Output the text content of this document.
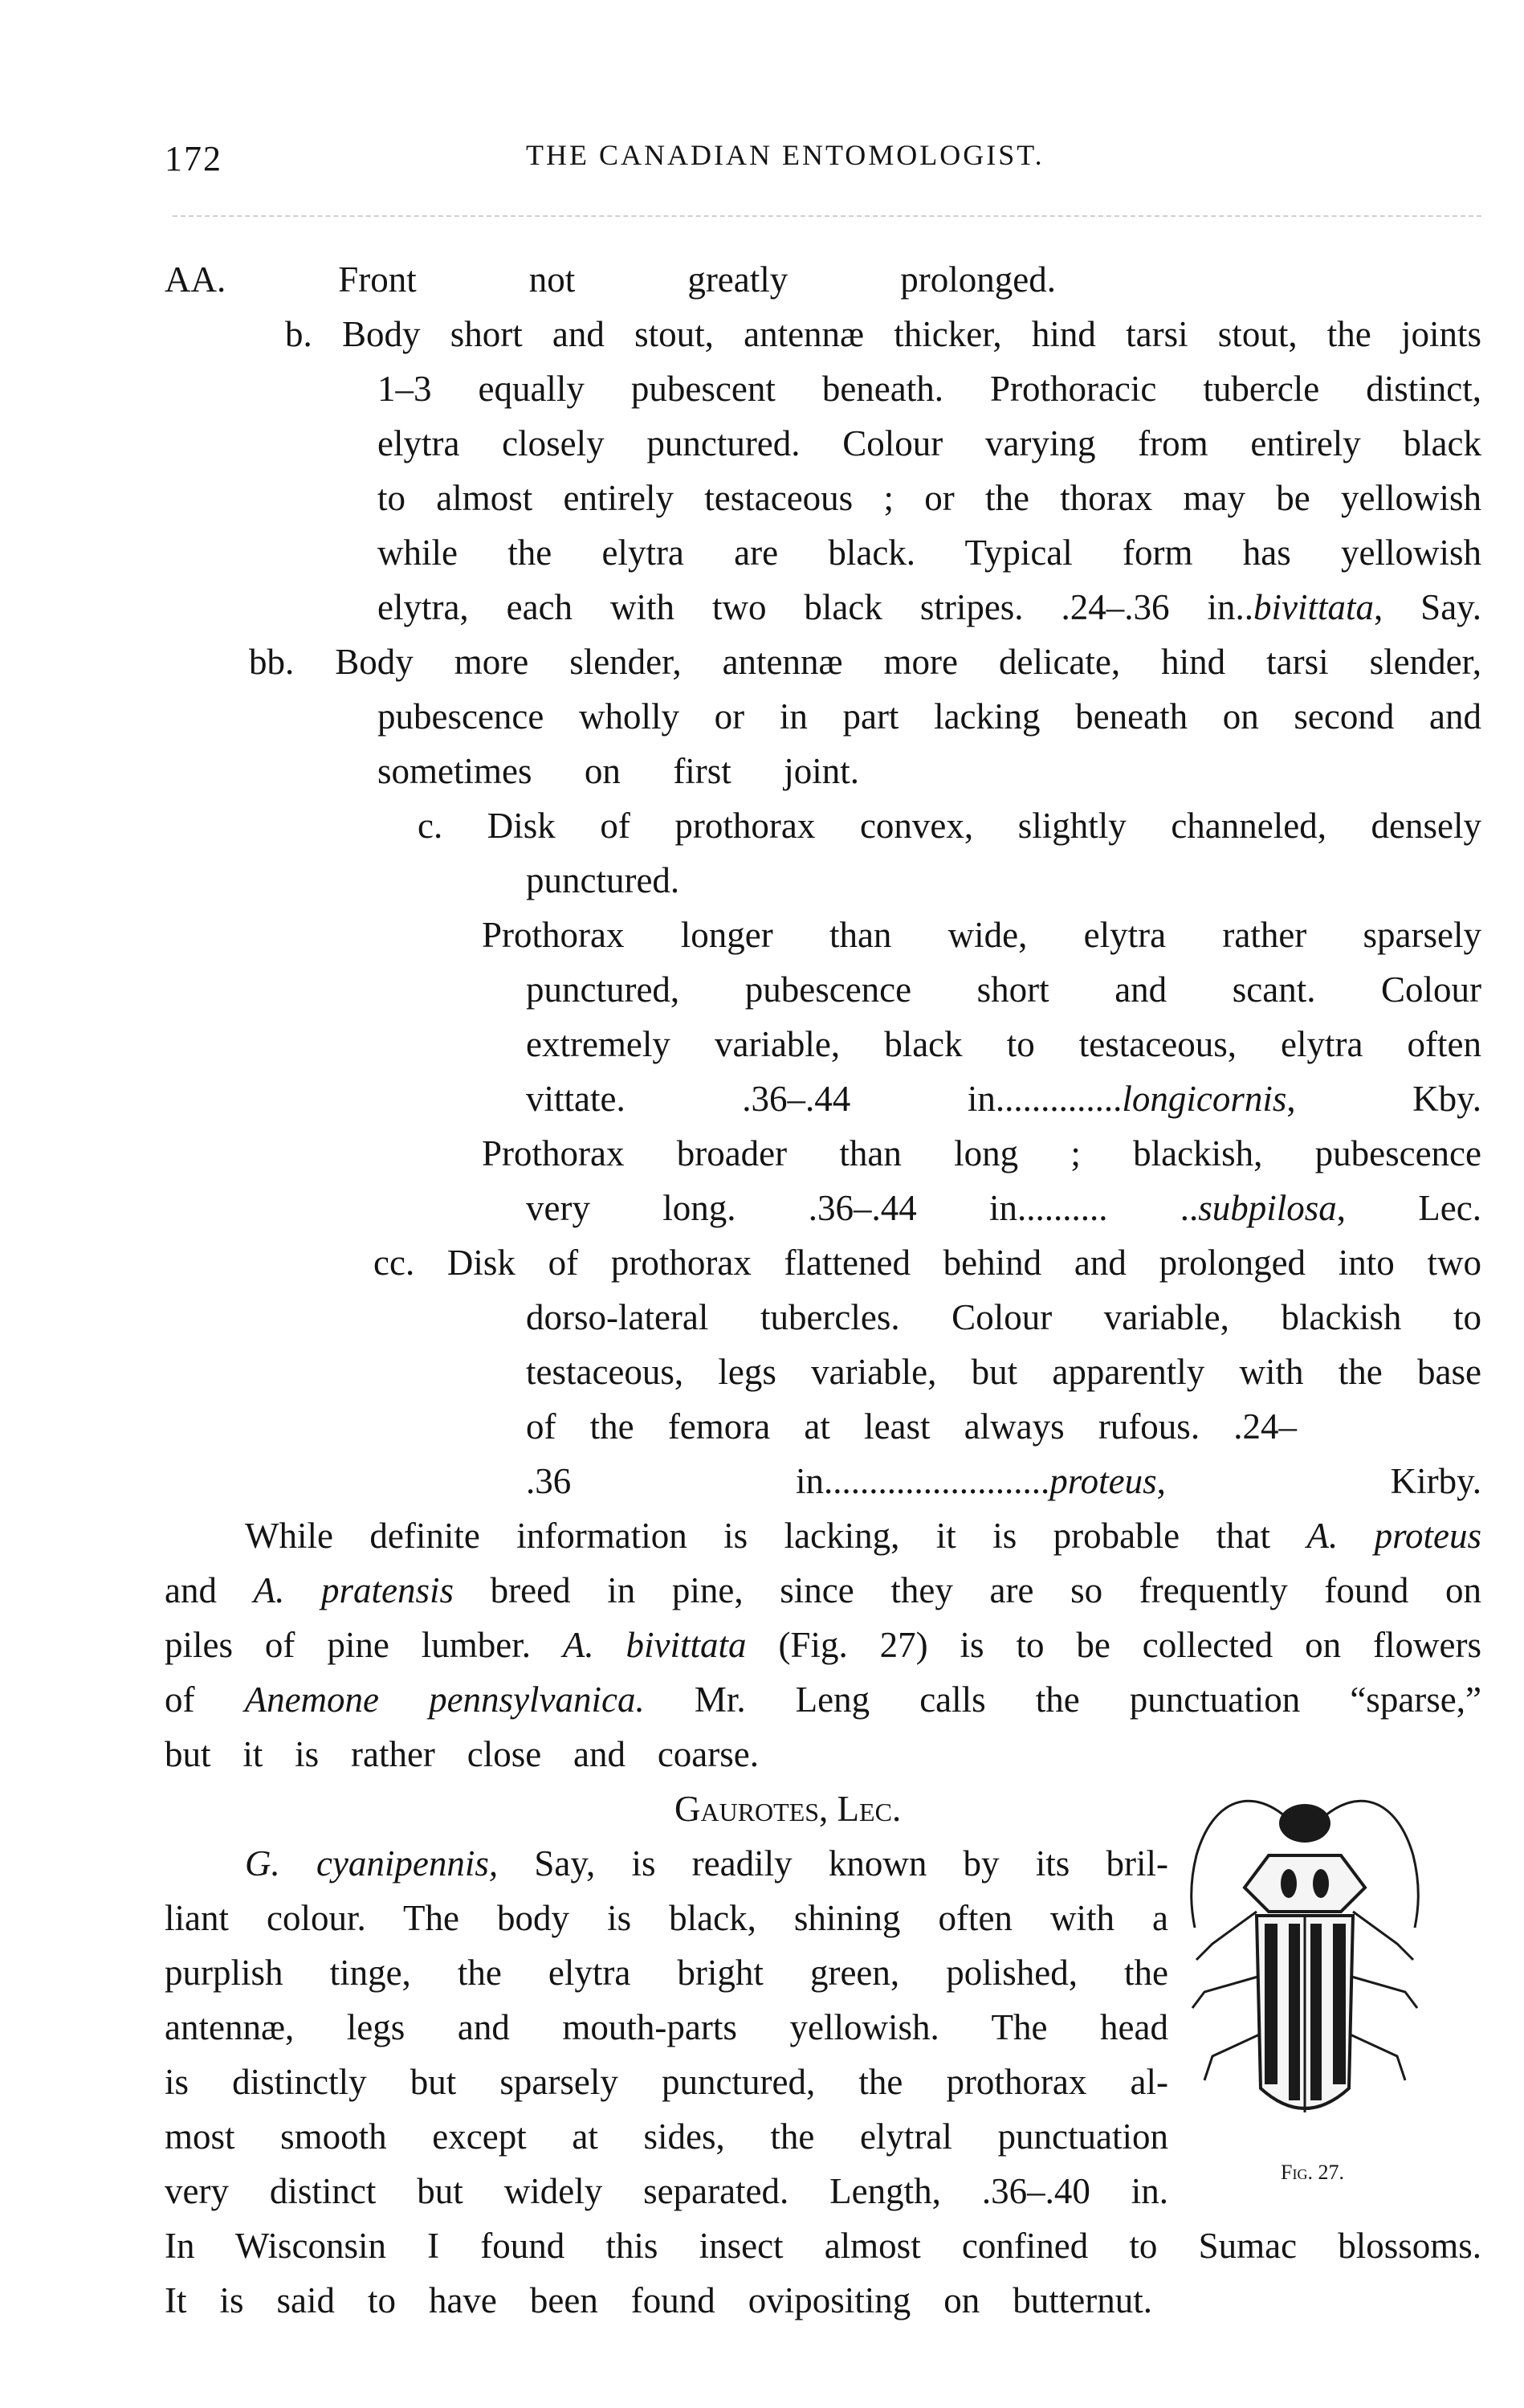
172	THE CANADIAN ENTOMOLOGIST.
AA. Front not greatly prolonged.
b. Body short and stout, antennæ thicker, hind tarsi stout, the joints
1–3 equally pubescent beneath. Prothoracic tubercle distinct,
elytra closely punctured. Colour varying from entirely black
to almost entirely testaceous ; or the thorax may be yellowish
while the elytra are black. Typical form has yellowish
elytra, each with two black stripes. .24–.36 in..bivittata, Say.
bb. Body more slender, antennæ more delicate, hind tarsi slender,
pubescence wholly or in part lacking beneath on second and
sometimes on first joint.
c. Disk of prothorax convex, slightly channeled, densely
punctured.
Prothorax longer than wide, elytra rather sparsely
punctured, pubescence short and scant. Colour
extremely variable, black to testaceous, elytra often
vittate. .36–.44 in..............longicornis, Kby.
Prothorax broader than long ; blackish, pubescence
very long. .36–.44 in.......... ..subpilosa, Lec.
cc. Disk of prothorax flattened behind and prolonged into two
dorso-lateral tubercles. Colour variable, blackish to
testaceous, legs variable, but apparently with the base
of the femora at least always rufous. .24–
.36 in.........................proteus, Kirby.
While definite information is lacking, it is probable that A. proteus
and A. pratensis breed in pine, since they are so frequently found on
piles of pine lumber. A. bivittata (Fig. 27) is to be collected on flowers
of Anemone pennsylvanica. Mr. Leng calls the punctuation “sparse,”
but it is rather close and coarse.
Gaurotes, Lec.
G. cyanipennis, Say, is readily known by its bril-
liant colour. The body is black, shining often with a
purplish tinge, the elytra bright green, polished, the
antennæ, legs and mouth-parts yellowish. The head
is distinctly but sparsely punctured, the prothorax al-
most smooth except at sides, the elytral punctuation
very distinct but widely separated. Length, .36–.40 in.
In Wisconsin I found this insect almost confined to Sumac blossoms.
It is said to have been found ovipositing on butternut.
Fig. 27.
